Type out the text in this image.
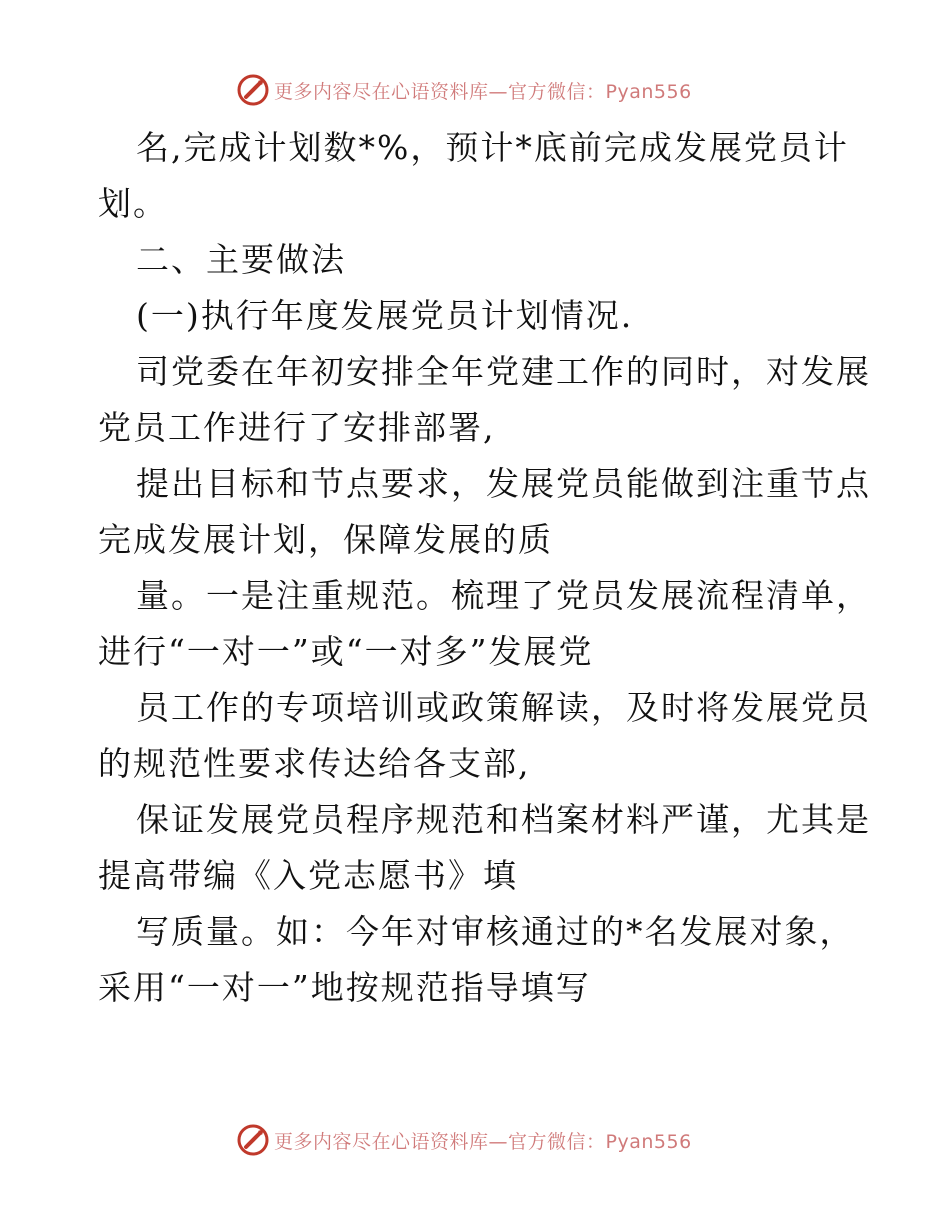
更多内容尽在心语资料库—官方微信：Pyan556
名,完成计划数*%，预计*底前完成发展党员计
划。
二、主要做法
(一)执行年度发展党员计划情况.
司党委在年初安排全年党建工作的同时，对发展
党员工作进行了安排部署,
提出目标和节点要求，发展党员能做到注重节点
完成发展计划，保障发展的质
量。一是注重规范。梳理了党员发展流程清单，
进行“一对一”或“一对多”发展党
员工作的专项培训或政策解读，及时将发展党员
的规范性要求传达给各支部,
保证发展党员程序规范和档案材料严谨，尤其是
提高带编《入党志愿书》填
写质量。如：今年对审核通过的*名发展对象，
采用“一对一”地按规范指导填写
更多内容尽在心语资料库—官方微信：Pyan556
